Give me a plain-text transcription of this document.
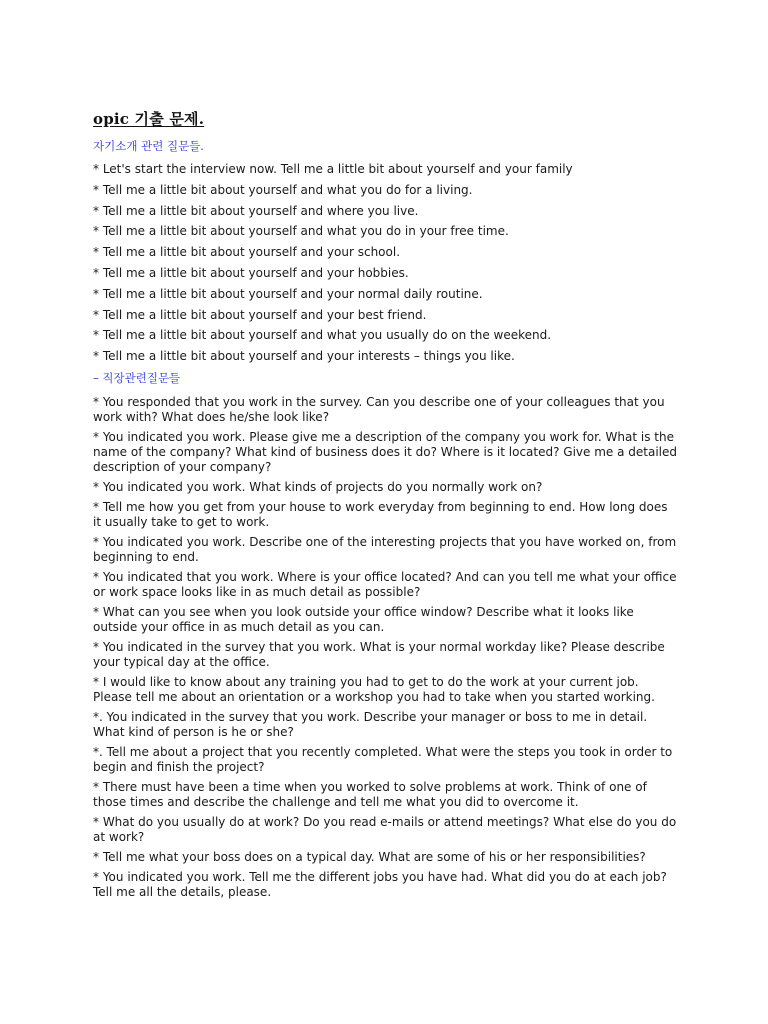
opic 기출 문제.
자기소개 관련 질문들.
* Let's start the interview now. Tell me a little bit about yourself and your family
* Tell me a little bit about yourself and what you do for a living.
* Tell me a little bit about yourself and where you live.
* Tell me a little bit about yourself and what you do in your free time.
* Tell me a little bit about yourself and your school.
* Tell me a little bit about yourself and your hobbies.
* Tell me a little bit about yourself and your normal daily routine.
* Tell me a little bit about yourself and your best friend.
* Tell me a little bit about yourself and what you usually do on the weekend.
* Tell me a little bit about yourself and your interests – things you like.
– 직장관련질문들
* You responded that you work in the survey. Can you describe one of your colleagues that you work with? What does he/she look like?
* You indicated you work. Please give me a description of the company you work for. What is the name of the company? What kind of business does it do? Where is it located? Give me a detailed description of your company?
* You indicated you work. What kinds of projects do you normally work on?
* Tell me how you get from your house to work everyday from beginning to end. How long does it usually take to get to work.
* You indicated you work. Describe one of the interesting projects that you have worked on, from beginning to end.
* You indicated that you work. Where is your office located? And can you tell me what your office or work space looks like in as much detail as possible?
* What can you see when you look outside your office window? Describe what it looks like outside your office in as much detail as you can.
* You indicated in the survey that you work. What is your normal workday like? Please describe your typical day at the office.
* I would like to know about any training you had to get to do the work at your current job. Please tell me about an orientation or a workshop you had to take when you started working.
*. You indicated in the survey that you work. Describe your manager or boss to me in detail. What kind of person is he or she?
*. Tell me about a project that you recently completed. What were the steps you took in order to begin and finish the project?
* There must have been a time when you worked to solve problems at work. Think of one of those times and describe the challenge and tell me what you did to overcome it.
* What do you usually do at work? Do you read e-mails or attend meetings? What else do you do at work?
* Tell me what your boss does on a typical day. What are some of his or her responsibilities?
* You indicated you work. Tell me the different jobs you have had. What did you do at each job? Tell me all the details, please.
